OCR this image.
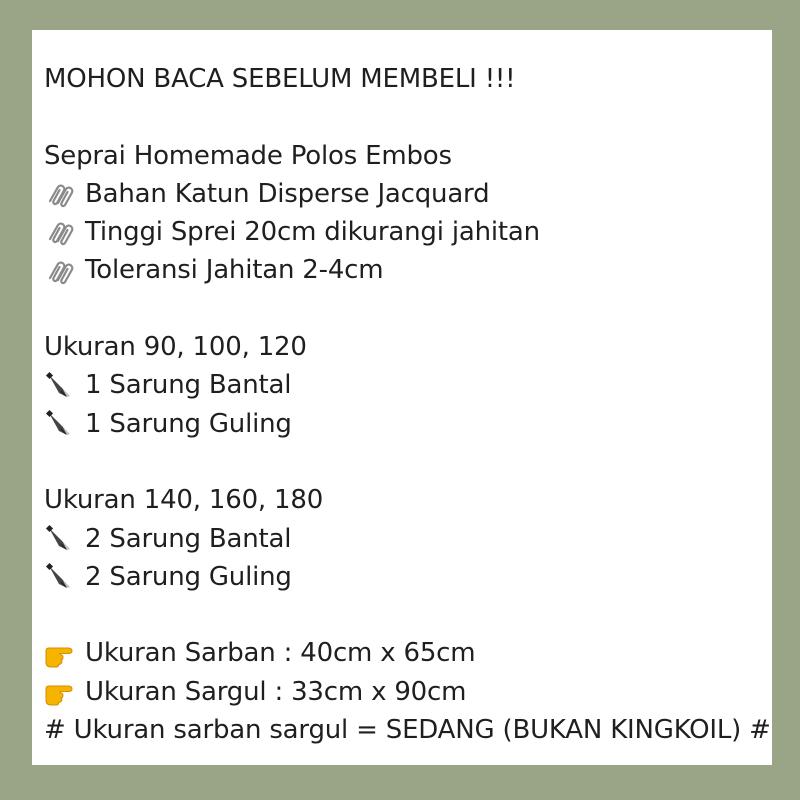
MOHON BACA SEBELUM MEMBELI !!!
Seprai Homemade Polos Embos
Bahan Katun Disperse Jacquard
Tinggi Sprei 20cm dikurangi jahitan
Toleransi Jahitan 2-4cm
Ukuran 90, 100, 120
1 Sarung Bantal
1 Sarung Guling
Ukuran 140, 160, 180
2 Sarung Bantal
2 Sarung Guling
Ukuran Sarban : 40cm x 65cm
Ukuran Sargul : 33cm x 90cm
# Ukuran sarban sargul = SEDANG (BUKAN KINGKOIL) #
